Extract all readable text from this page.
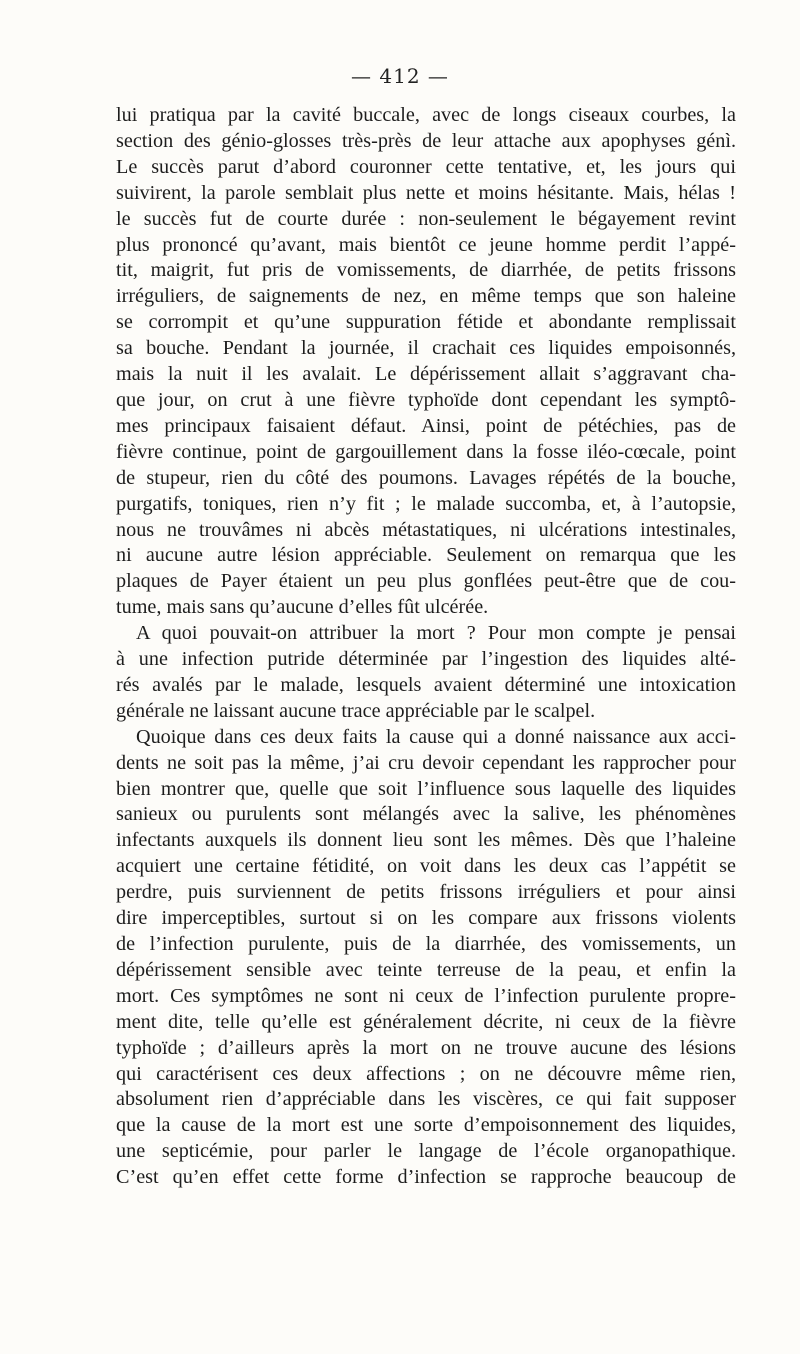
— 412 —
lui pratiqua par la cavité buccale, avec de longs ciseaux courbes, la
section des génio-glosses très-près de leur attache aux apophyses génì.
Le succès parut d’abord couronner cette tentative, et, les jours qui
suivirent, la parole semblait plus nette et moins hésitante. Mais, hélas !
le succès fut de courte durée : non-seulement le bégayement revint
plus prononcé qu’avant, mais bientôt ce jeune homme perdit l’appé-
tit, maigrit, fut pris de vomissements, de diarrhée, de petits frissons
irréguliers, de saignements de nez, en même temps que son haleine
se corrompit et qu’une suppuration fétide et abondante remplissait
sa bouche. Pendant la journée, il crachait ces liquides empoisonnés,
mais la nuit il les avalait. Le dépérissement allait s’aggravant cha-
que jour, on crut à une fièvre typhoïde dont cependant les symptô-
mes principaux faisaient défaut. Ainsi, point de pétéchies, pas de
fièvre continue, point de gargouillement dans la fosse iléo-cœcale, point
de stupeur, rien du côté des poumons. Lavages répétés de la bouche,
purgatifs, toniques, rien n’y fit ; le malade succomba, et, à l’autopsie,
nous ne trouvâmes ni abcès métastatiques, ni ulcérations intestinales,
ni aucune autre lésion appréciable. Seulement on remarqua que les
plaques de Payer étaient un peu plus gonflées peut-être que de cou-
tume, mais sans qu’aucune d’elles fût ulcérée.
A quoi pouvait-on attribuer la mort ? Pour mon compte je pensai
à une infection putride déterminée par l’ingestion des liquides alté-
rés avalés par le malade, lesquels avaient déterminé une intoxication
générale ne laissant aucune trace appréciable par le scalpel.
Quoique dans ces deux faits la cause qui a donné naissance aux acci-
dents ne soit pas la même, j’ai cru devoir cependant les rapprocher pour
bien montrer que, quelle que soit l’influence sous laquelle des liquides
sanieux ou purulents sont mélangés avec la salive, les phénomènes
infectants auxquels ils donnent lieu sont les mêmes. Dès que l’haleine
acquiert une certaine fétidité, on voit dans les deux cas l’appétit se
perdre, puis surviennent de petits frissons irréguliers et pour ainsi
dire imperceptibles, surtout si on les compare aux frissons violents
de l’infection purulente, puis de la diarrhée, des vomissements, un
dépérissement sensible avec teinte terreuse de la peau, et enfin la
mort. Ces symptômes ne sont ni ceux de l’infection purulente propre-
ment dite, telle qu’elle est généralement décrite, ni ceux de la fièvre
typhoïde ; d’ailleurs après la mort on ne trouve aucune des lésions
qui caractérisent ces deux affections ; on ne découvre même rien,
absolument rien d’appréciable dans les viscères, ce qui fait supposer
que la cause de la mort est une sorte d’empoisonnement des liquides,
une septicémie, pour parler le langage de l’école organopathique.
C’est qu’en effet cette forme d’infection se rapproche beaucoup de
